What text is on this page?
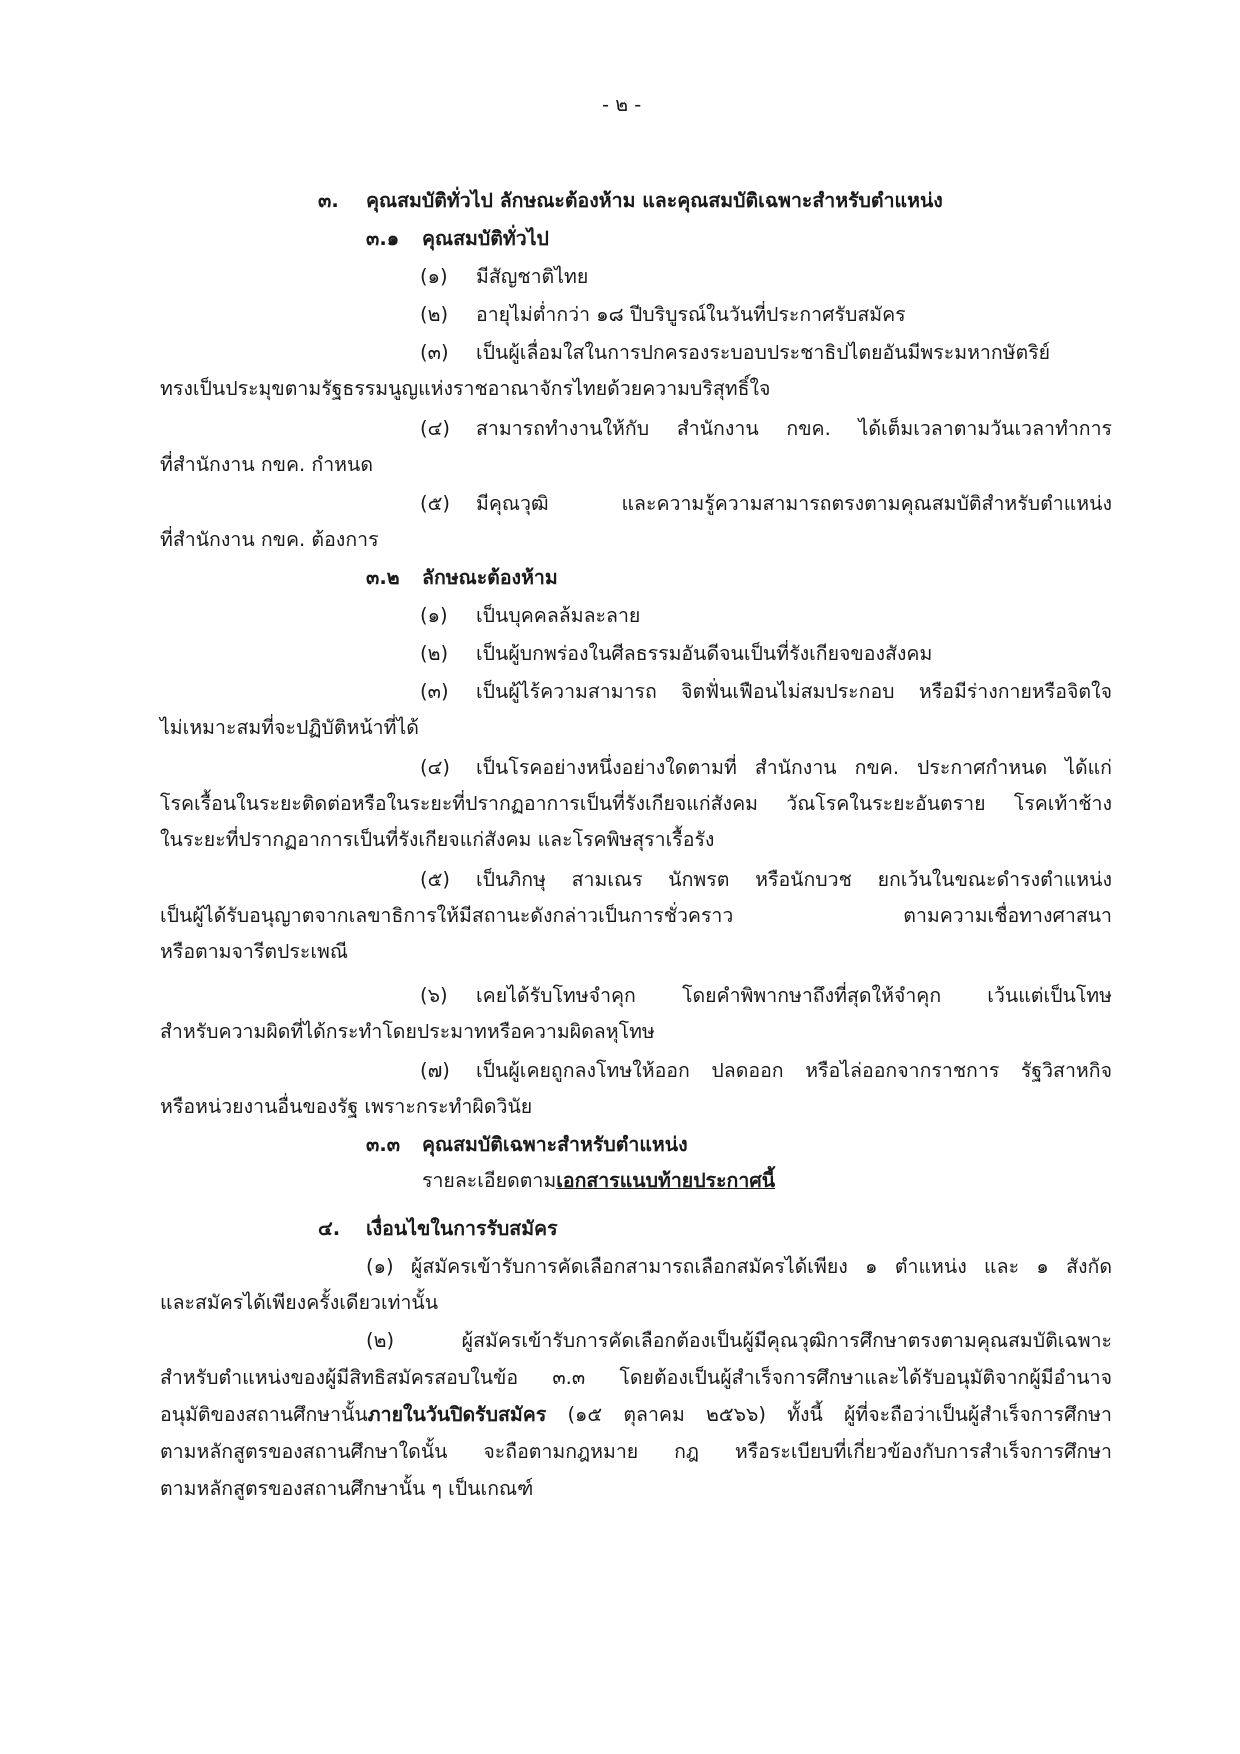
- ๒ -
๓. คุณสมบัติทั่วไป ลักษณะต้องห้าม และคุณสมบัติเฉพาะสำหรับตำแหน่ง
๓.๑ คุณสมบัติทั่วไป
(๑) มีสัญชาติไทย
(๒) อายุไม่ต่ำกว่า ๑๘ ปีบริบูรณ์ในวันที่ประกาศรับสมัคร
(๓) เป็นผู้เลื่อมใสในการปกครองระบอบประชาธิปไตยอันมีพระมหากษัตริย์
ทรงเป็นประมุขตามรัฐธรรมนูญแห่งราชอาณาจักรไทยด้วยความบริสุทธิ์ใจ
(๔) สามารถทำงานให้กับ สำนักงาน กขค. ได้เต็มเวลาตามวันเวลาทำการ
ที่สำนักงาน กขค. กำหนด
(๕) มีคุณวุฒิ และความรู้ความสามารถตรงตามคุณสมบัติสำหรับตำแหน่ง
ที่สำนักงาน กขค. ต้องการ
๓.๒ ลักษณะต้องห้าม
(๑) เป็นบุคคลล้มละลาย
(๒) เป็นผู้บกพร่องในศีลธรรมอันดีจนเป็นที่รังเกียจของสังคม
(๓) เป็นผู้ไร้ความสามารถ จิตฟั่นเฟือนไม่สมประกอบ หรือมีร่างกายหรือจิตใจ
ไม่เหมาะสมที่จะปฏิบัติหน้าที่ได้
(๔) เป็นโรคอย่างหนึ่งอย่างใดตามที่ สำนักงาน กขค. ประกาศกำหนด ได้แก่
โรคเรื้อนในระยะติดต่อหรือในระยะที่ปรากฏอาการเป็นที่รังเกียจแก่สังคม วัณโรคในระยะอันตราย โรคเท้าช้าง
ในระยะที่ปรากฏอาการเป็นที่รังเกียจแก่สังคม และโรคพิษสุราเรื้อรัง
(๕) เป็นภิกษุ สามเณร นักพรต หรือนักบวช ยกเว้นในขณะดำรงตำแหน่ง
เป็นผู้ได้รับอนุญาตจากเลขาธิการให้มีสถานะดังกล่าวเป็นการชั่วคราว ตามความเชื่อทางศาสนา
หรือตามจารีตประเพณี
(๖) เคยได้รับโทษจำคุก โดยคำพิพากษาถึงที่สุดให้จำคุก เว้นแต่เป็นโทษ
สำหรับความผิดที่ได้กระทำโดยประมาทหรือความผิดลหุโทษ
(๗) เป็นผู้เคยถูกลงโทษให้ออก ปลดออก หรือไล่ออกจากราชการ รัฐวิสาหกิจ
หรือหน่วยงานอื่นของรัฐ เพราะกระทำผิดวินัย
๓.๓ คุณสมบัติเฉพาะสำหรับตำแหน่ง
รายละเอียดตามเอกสารแนบท้ายประกาศนี้
๔. เงื่อนไขในการรับสมัคร
(๑) ผู้สมัครเข้ารับการคัดเลือกสามารถเลือกสมัครได้เพียง ๑ ตำแหน่ง และ ๑ สังกัด
และสมัครได้เพียงครั้งเดียวเท่านั้น
(๒) ผู้สมัครเข้ารับการคัดเลือกต้องเป็นผู้มีคุณวุฒิการศึกษาตรงตามคุณสมบัติเฉพาะ
สำหรับตำแหน่งของผู้มีสิทธิสมัครสอบในข้อ ๓.๓ โดยต้องเป็นผู้สำเร็จการศึกษาและได้รับอนุมัติจากผู้มีอำนาจ
อนุมัติของสถานศึกษานั้นภายในวันปิดรับสมัคร (๑๕ ตุลาคม ๒๕๖๖) ทั้งนี้ ผู้ที่จะถือว่าเป็นผู้สำเร็จการศึกษา
ตามหลักสูตรของสถานศึกษาใดนั้น จะถือตามกฎหมาย กฎ หรือระเบียบที่เกี่ยวข้องกับการสำเร็จการศึกษา
ตามหลักสูตรของสถานศึกษานั้น ๆ เป็นเกณฑ์
